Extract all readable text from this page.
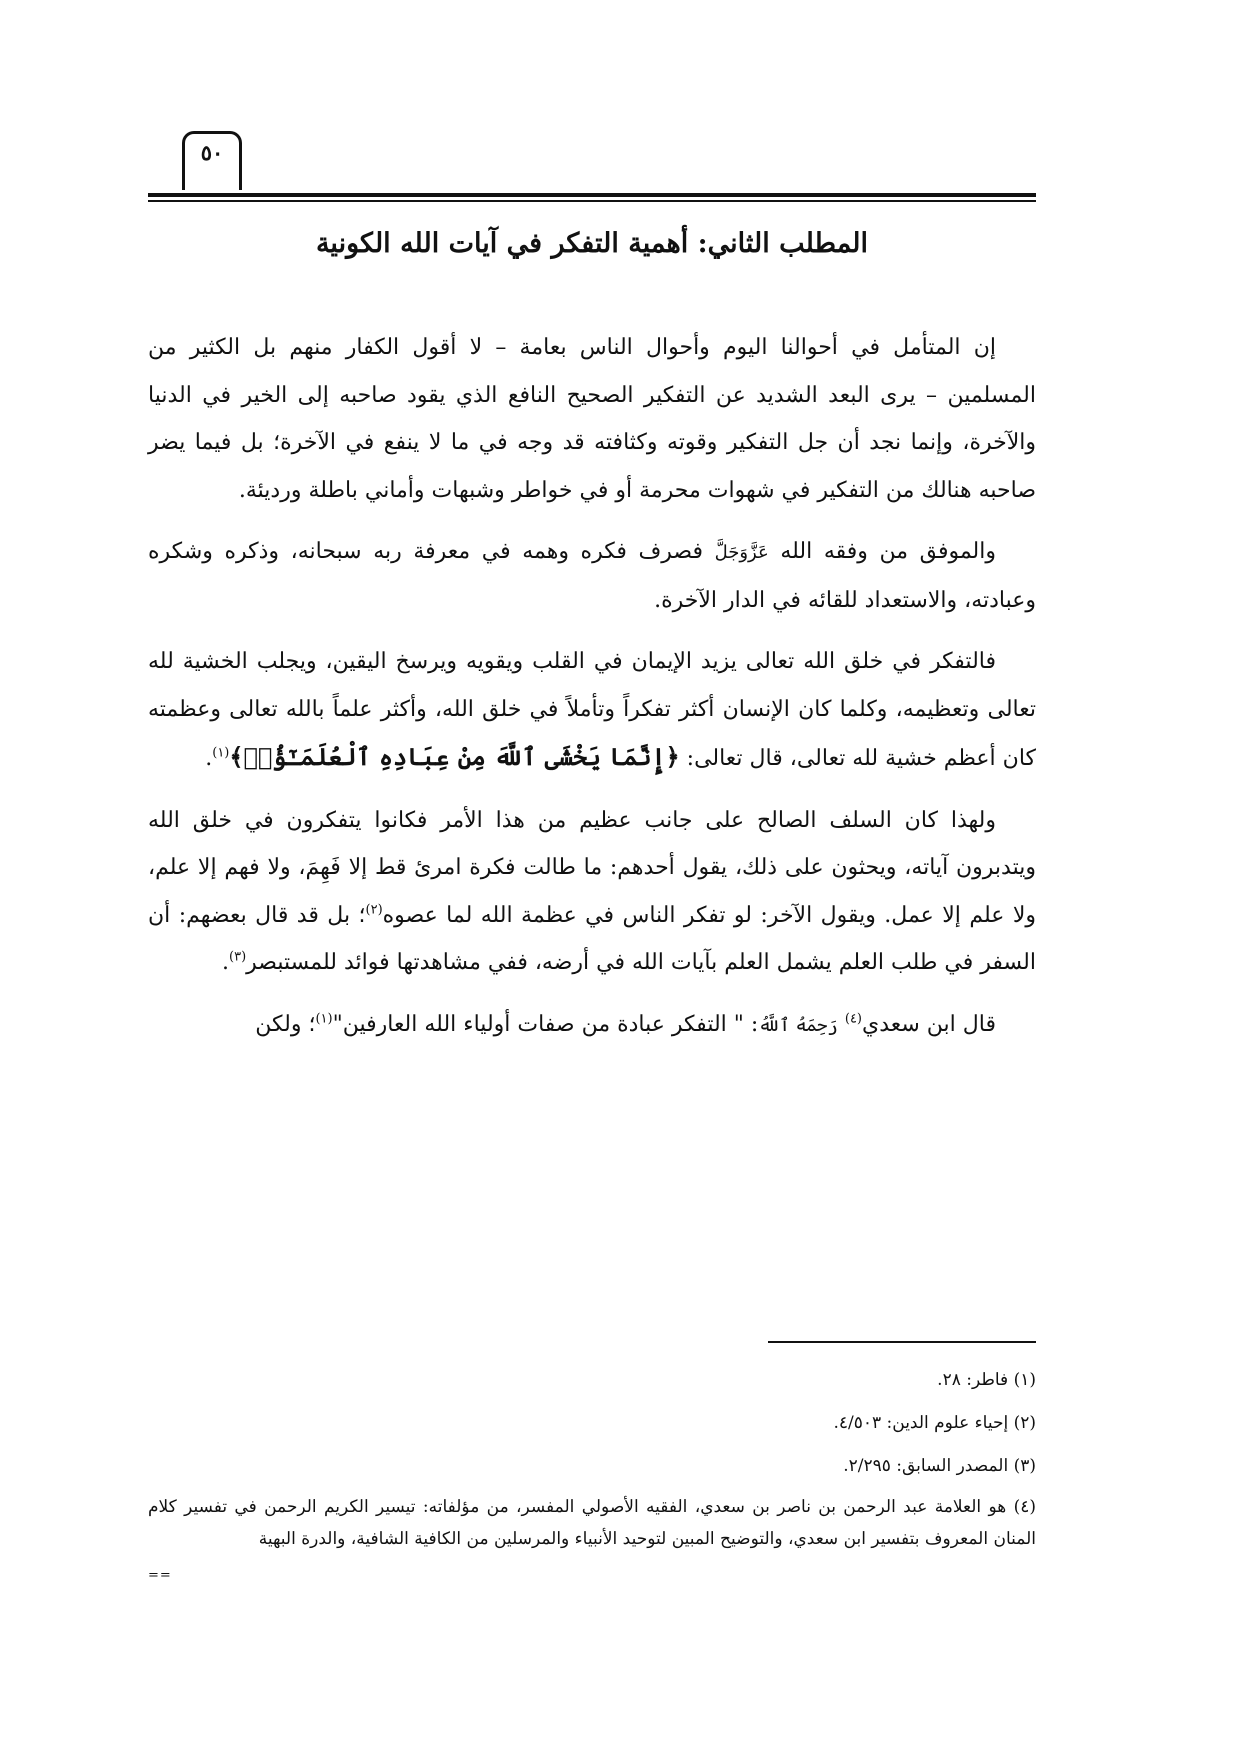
٥٠
المطلب الثاني: أهمية التفكر في آيات الله الكونية

إن المتأمل في أحوالنا اليوم وأحوال الناس بعامة – لا أقول الكفار منهم بل الكثير من المسلمين – يرى البعد الشديد عن التفكير الصحيح النافع الذي يقود صاحبه إلى الخير في الدنيا والآخرة، وإنما نجد أن جل التفكير وقوته وكثافته قد وجه في ما لا ينفع في الآخرة؛ بل فيما يضر صاحبه هنالك من التفكير في شهوات محرمة أو في خواطر وشبهات وأماني باطلة ورديئة.

والموفق من وفقه الله عَزَّوَجَلَّ فصرف فكره وهمه في معرفة ربه سبحانه، وذكره وشكره وعبادته، والاستعداد للقائه في الدار الآخرة.

فالتفكر في خلق الله تعالى يزيد الإيمان في القلب ويقويه ويرسخ اليقين، ويجلب الخشية لله تعالى وتعظيمه، وكلما كان الإنسان أكثر تفكراً وتأملاً في خلق الله، وأكثر علماً بالله تعالى وعظمته كان أعظم خشية لله تعالى، قال تعالى: ﴿إِنَّمَا يَخْشَى ٱللَّهَ مِنْ عِبَادِهِ ٱلْعُلَمَـٰٓؤُا۟﴾$^{(١)}$.

ولهذا كان السلف الصالح على جانب عظيم من هذا الأمر فكانوا يتفكرون في خلق الله ويتدبرون آياته، ويحثون على ذلك، يقول أحدهم: ما طالت فكرة امرئ قط إلا فَهِمَ، ولا فهم إلا علم، ولا علم إلا عمل. ويقول الآخر: لو تفكر الناس في عظمة الله لما عصوه$^{(٢)}$؛ بل قد قال بعضهم: أن السفر في طلب العلم يشمل العلم بآيات الله في أرضه، ففي مشاهدتها فوائد للمستبصر$^{(٣)}$.

قال ابن سعدي$^{(٤)}$ رَحِمَهُ ٱللَّهُ: " التفكر عبادة من صفات أولياء الله العارفين"$^{(١)}$؛ ولكن

(١) فاطر: ٢٨.
(٢) إحياء علوم الدين: ٤/٥٠٣.
(٣) المصدر السابق: ٢/٢٩٥.
(٤) هو العلامة عبد الرحمن بن ناصر بن سعدي، الفقيه الأصولي المفسر، من مؤلفاته: تيسير الكريم الرحمن في تفسير كلام المنان المعروف بتفسير ابن سعدي، والتوضيح المبين لتوحيد الأنبياء والمرسلين من الكافية الشافية، والدرة البهية
==
